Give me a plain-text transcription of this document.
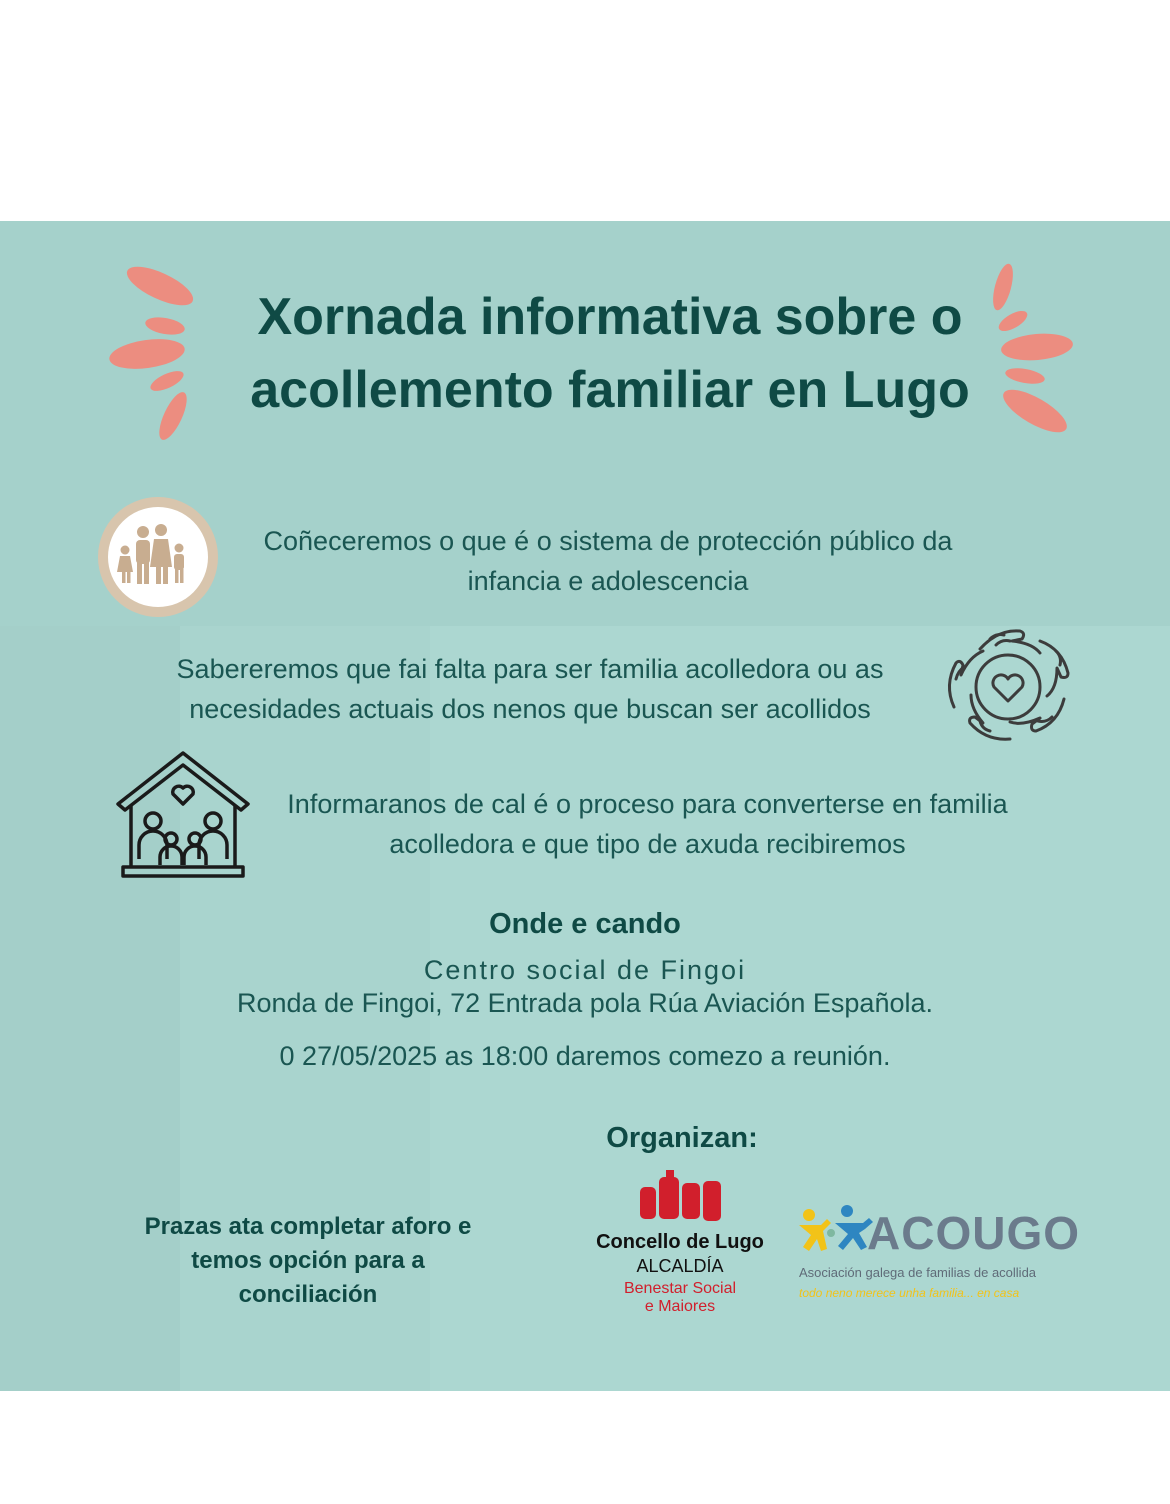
Xornada informativa sobre o acollemento familiar en Lugo
Coñeceremos o que é o sistema de protección público da infancia e adolescencia
Sabereremos que fai falta para ser familia acolledora ou as necesidades actuais dos nenos que buscan ser acollidos
Informaranos de cal é o proceso para converterse en familia acolledora e que tipo de axuda recibiremos
Onde e cando
Centro social de Fingoi
Ronda de Fingoi, 72 Entrada pola Rúa Aviación Española.
0 27/05/2025 as 18:00 daremos comezo a reunión.
Organizan:
Prazas ata completar aforo e temos opción para a conciliación
Concello de Lugo
ALCALDÍA
Benestar Social
e Maiores
ACOUGO
Asociación galega de familias de acollida
todo neno merece unha familia... en casa
